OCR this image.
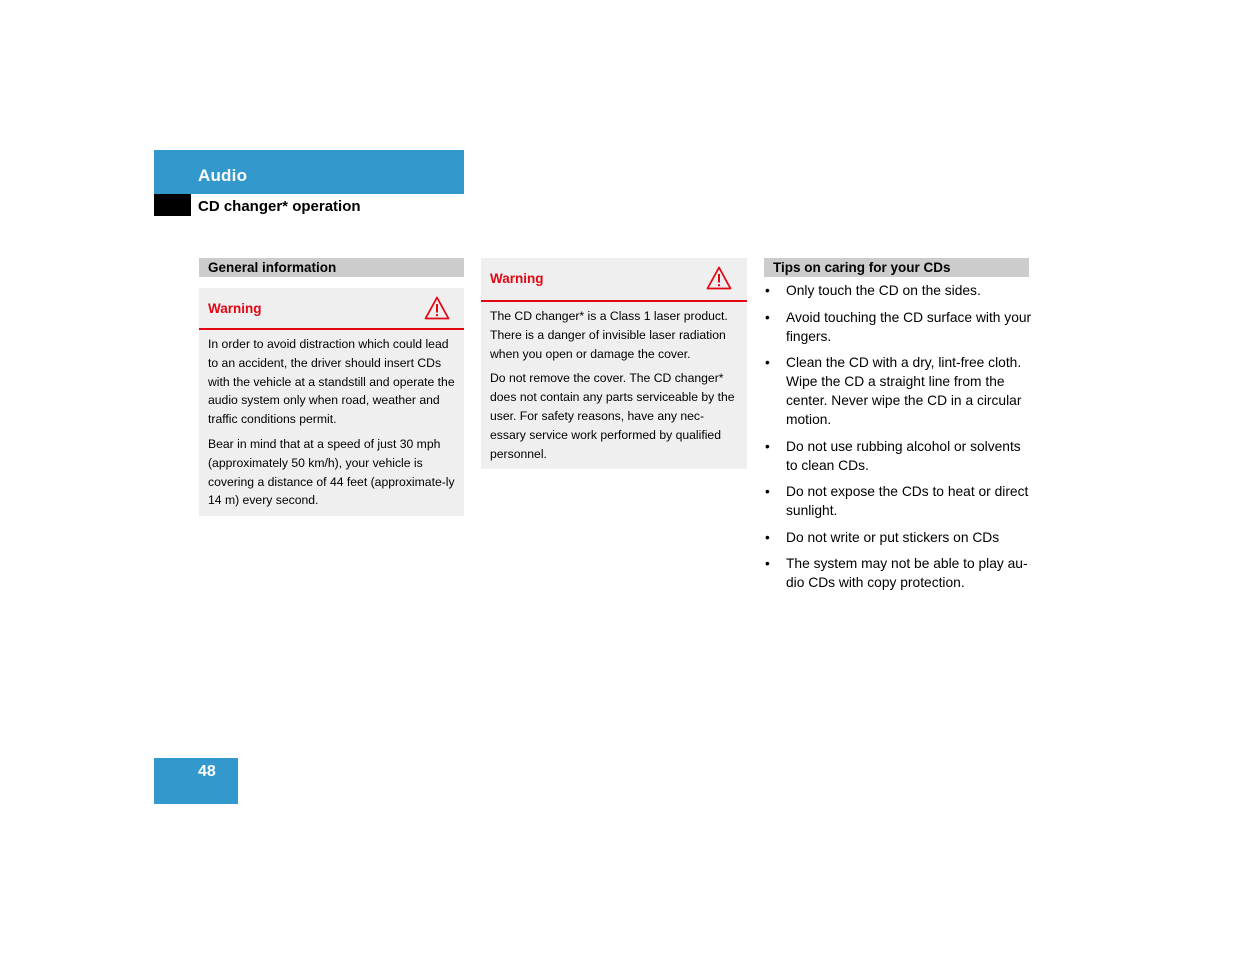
Audio
CD changer* operation
General information
Warning

In order to avoid distraction which could lead to an accident, the driver should insert CDs with the vehicle at a standstill and operate the audio system only when road, weather and traffic conditions permit.

Bear in mind that at a speed of just 30 mph (approximately 50 km/h), your vehicle is covering a distance of 44 feet (approximate-ly 14 m) every second.

Warning

The CD changer* is a Class 1 laser product. There is a danger of invisible laser radiation when you open or damage the cover.

Do not remove the cover. The CD changer* does not contain any parts serviceable by the user. For safety reasons, have any nec-essary service work performed by qualified personnel.

Tips on caring for your CDs
• Only touch the CD on the sides.
• Avoid touching the CD surface with your fingers.
• Clean the CD with a dry, lint-free cloth. Wipe the CD a straight line from the center. Never wipe the CD in a circular motion.
• Do not use rubbing alcohol or solvents to clean CDs.
• Do not expose the CDs to heat or direct sunlight.
• Do not write or put stickers on CDs
• The system may not be able to play au-dio CDs with copy protection.
48
